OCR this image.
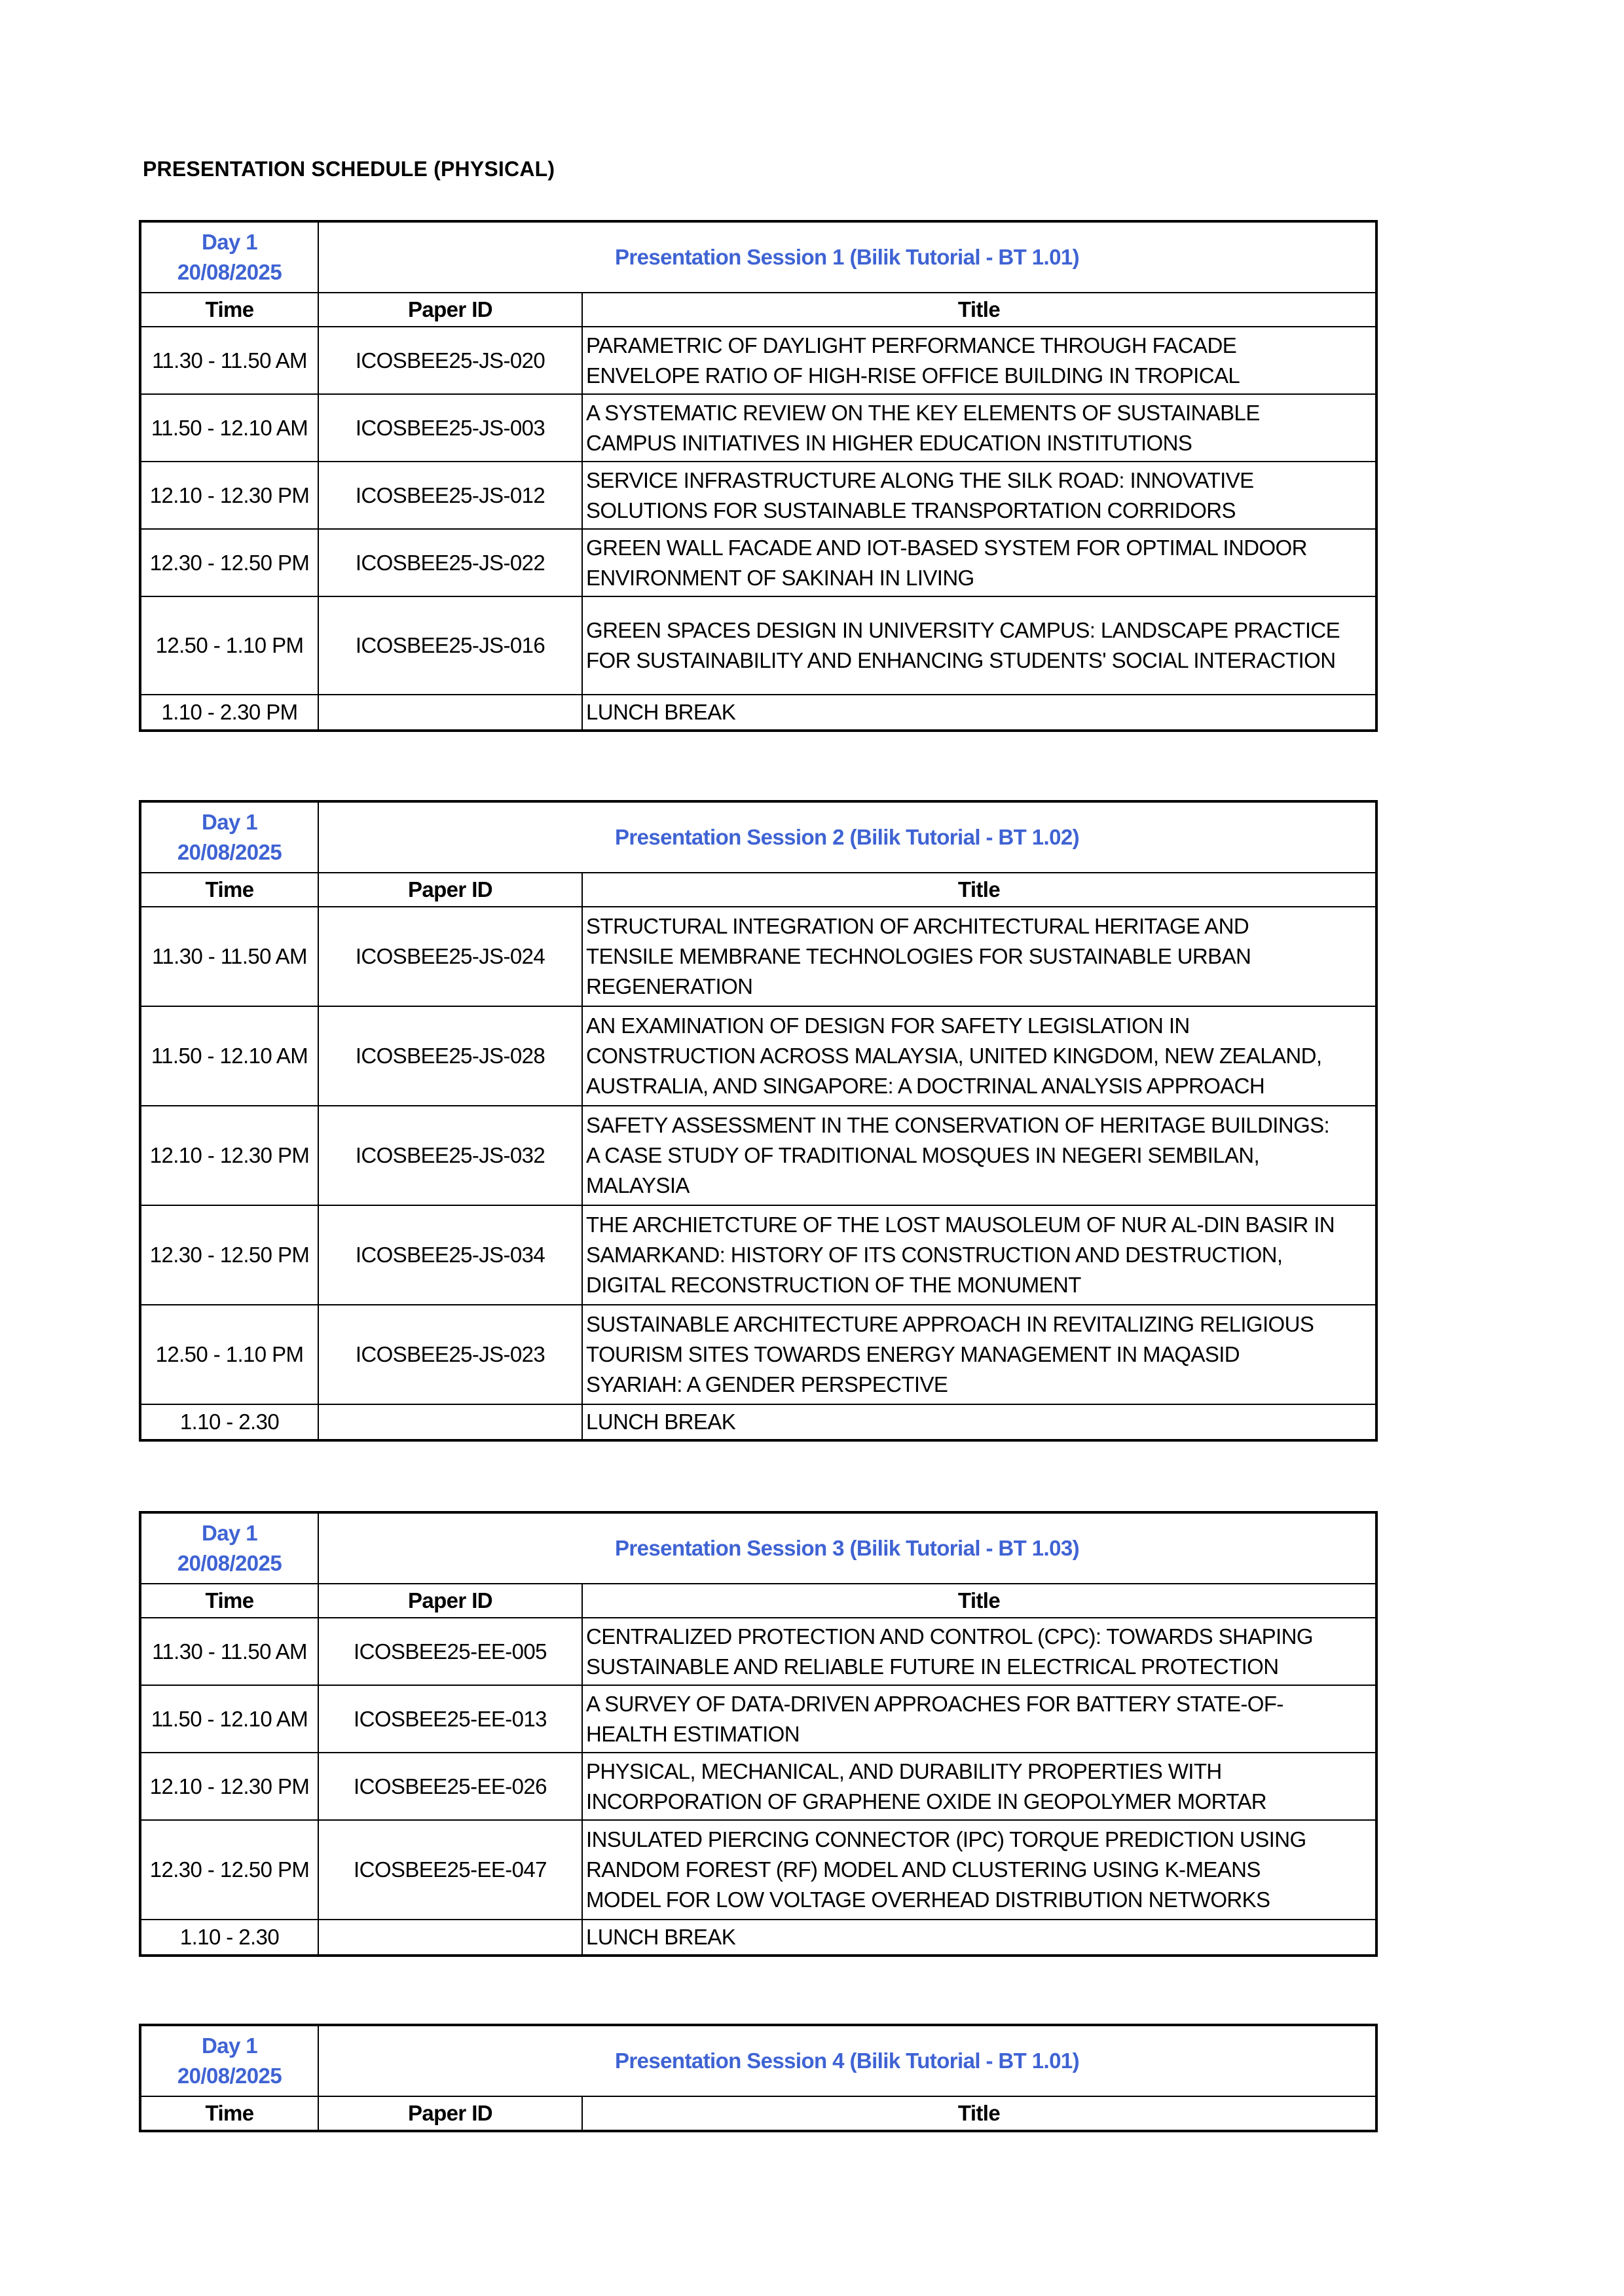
PRESENTATION SCHEDULE (PHYSICAL)
Day 1
20/08/2025	Presentation Session 1 (Bilik Tutorial - BT 1.01)	
Time	Paper ID	Title
11.30 - 11.50 AM	ICOSBEE25-JS-020	PARAMETRIC OF DAYLIGHT PERFORMANCE THROUGH FACADE
ENVELOPE RATIO OF HIGH-RISE OFFICE BUILDING IN TROPICAL
11.50 - 12.10 AM	ICOSBEE25-JS-003	A SYSTEMATIC REVIEW ON THE KEY ELEMENTS OF SUSTAINABLE
CAMPUS INITIATIVES IN HIGHER EDUCATION INSTITUTIONS
12.10 - 12.30 PM	ICOSBEE25-JS-012	SERVICE INFRASTRUCTURE ALONG THE SILK ROAD: INNOVATIVE
SOLUTIONS FOR SUSTAINABLE TRANSPORTATION CORRIDORS
12.30 - 12.50 PM	ICOSBEE25-JS-022	GREEN WALL FACADE AND IOT-BASED SYSTEM FOR OPTIMAL INDOOR
ENVIRONMENT OF SAKINAH IN LIVING
12.50 - 1.10 PM	ICOSBEE25-JS-016	GREEN SPACES DESIGN IN UNIVERSITY CAMPUS: LANDSCAPE PRACTICE
FOR SUSTAINABILITY AND ENHANCING STUDENTS' SOCIAL INTERACTION
1.10 - 2.30 PM		LUNCH BREAK
Day 1
20/08/2025	Presentation Session 2 (Bilik Tutorial - BT 1.02)	
Time	Paper ID	Title
11.30 - 11.50 AM	ICOSBEE25-JS-024	STRUCTURAL INTEGRATION OF ARCHITECTURAL HERITAGE AND
TENSILE MEMBRANE TECHNOLOGIES FOR SUSTAINABLE URBAN
REGENERATION
11.50 - 12.10 AM	ICOSBEE25-JS-028	AN EXAMINATION OF DESIGN FOR SAFETY LEGISLATION IN
CONSTRUCTION ACROSS MALAYSIA, UNITED KINGDOM, NEW ZEALAND,
AUSTRALIA, AND SINGAPORE: A DOCTRINAL ANALYSIS APPROACH
12.10 - 12.30 PM	ICOSBEE25-JS-032	SAFETY ASSESSMENT IN THE CONSERVATION OF HERITAGE BUILDINGS:
A CASE STUDY OF TRADITIONAL MOSQUES IN NEGERI SEMBILAN,
MALAYSIA
12.30 - 12.50 PM	ICOSBEE25-JS-034	THE ARCHIETCTURE OF THE LOST MAUSOLEUM OF NUR AL-DIN BASIR IN
SAMARKAND: HISTORY OF ITS CONSTRUCTION AND DESTRUCTION,
DIGITAL RECONSTRUCTION OF THE MONUMENT
12.50 - 1.10 PM	ICOSBEE25-JS-023	SUSTAINABLE ARCHITECTURE APPROACH IN REVITALIZING RELIGIOUS
TOURISM SITES TOWARDS ENERGY MANAGEMENT IN MAQASID
SYARIAH: A GENDER PERSPECTIVE
1.10 - 2.30		LUNCH BREAK
Day 1
20/08/2025	Presentation Session 3 (Bilik Tutorial - BT 1.03)	
Time	Paper ID	Title
11.30 - 11.50 AM	ICOSBEE25-EE-005	CENTRALIZED PROTECTION AND CONTROL (CPC): TOWARDS SHAPING
SUSTAINABLE AND RELIABLE FUTURE IN ELECTRICAL PROTECTION
11.50 - 12.10 AM	ICOSBEE25-EE-013	A SURVEY OF DATA-DRIVEN APPROACHES FOR BATTERY STATE-OF-
HEALTH ESTIMATION
12.10 - 12.30 PM	ICOSBEE25-EE-026	PHYSICAL, MECHANICAL, AND DURABILITY PROPERTIES WITH
INCORPORATION OF GRAPHENE OXIDE IN GEOPOLYMER MORTAR
12.30 - 12.50 PM	ICOSBEE25-EE-047	INSULATED PIERCING CONNECTOR (IPC) TORQUE PREDICTION USING
RANDOM FOREST (RF) MODEL AND CLUSTERING USING K-MEANS
MODEL FOR LOW VOLTAGE OVERHEAD DISTRIBUTION NETWORKS
1.10 - 2.30		LUNCH BREAK
Day 1
20/08/2025	Presentation Session 4 (Bilik Tutorial - BT 1.01)	
Time	Paper ID	Title
